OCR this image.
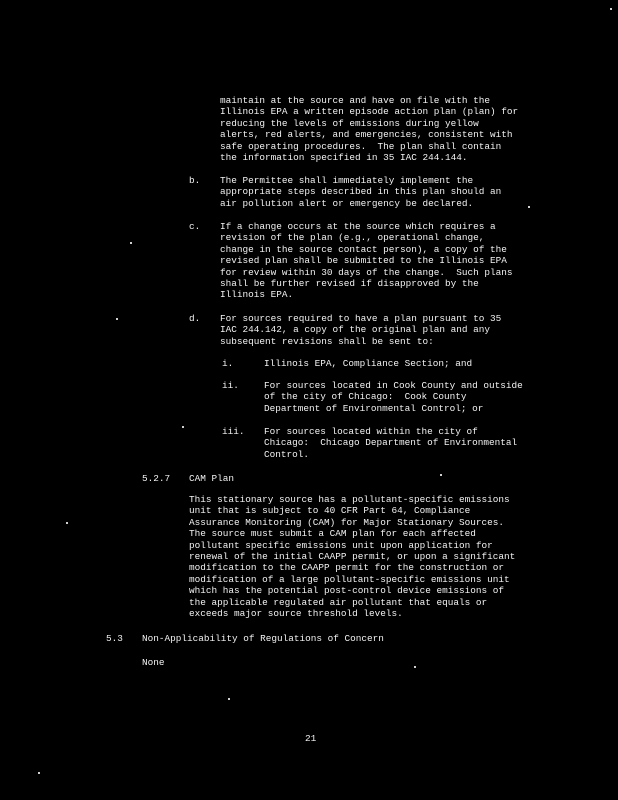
maintain at the source and have on file with the
Illinois EPA a written episode action plan (plan) for
reducing the levels of emissions during yellow
alerts, red alerts, and emergencies, consistent with
safe operating procedures.  The plan shall contain
the information specified in 35 IAC 244.144.
b. The Permittee shall immediately implement the
appropriate steps described in this plan should an
air pollution alert or emergency be declared.
c. If a change occurs at the source which requires a
revision of the plan (e.g., operational change,
change in the source contact person), a copy of the
revised plan shall be submitted to the Illinois EPA
for review within 30 days of the change.  Such plans
shall be further revised if disapproved by the
Illinois EPA.
d. For sources required to have a plan pursuant to 35
IAC 244.142, a copy of the original plan and any
subsequent revisions shall be sent to:
i.	Illinois EPA, Compliance Section; and
ii.	For sources located in Cook County and outside
of the city of Chicago:  Cook County
Department of Environmental Control; or
iii. For sources located within the city of
Chicago:  Chicago Department of Environmental
Control.
5.2.7 CAM Plan
This stationary source has a pollutant-specific emissions
unit that is subject to 40 CFR Part 64, Compliance
Assurance Monitoring (CAM) for Major Stationary Sources.
The source must submit a CAM plan for each affected
pollutant specific emissions unit upon application for
renewal of the initial CAAPP permit, or upon a significant
modification to the CAAPP permit for the construction or
modification of a large pollutant-specific emissions unit
which has the potential post-control device emissions of
the applicable regulated air pollutant that equals or
exceeds major source threshold levels.
5.3 Non-Applicability of Regulations of Concern
None
21
